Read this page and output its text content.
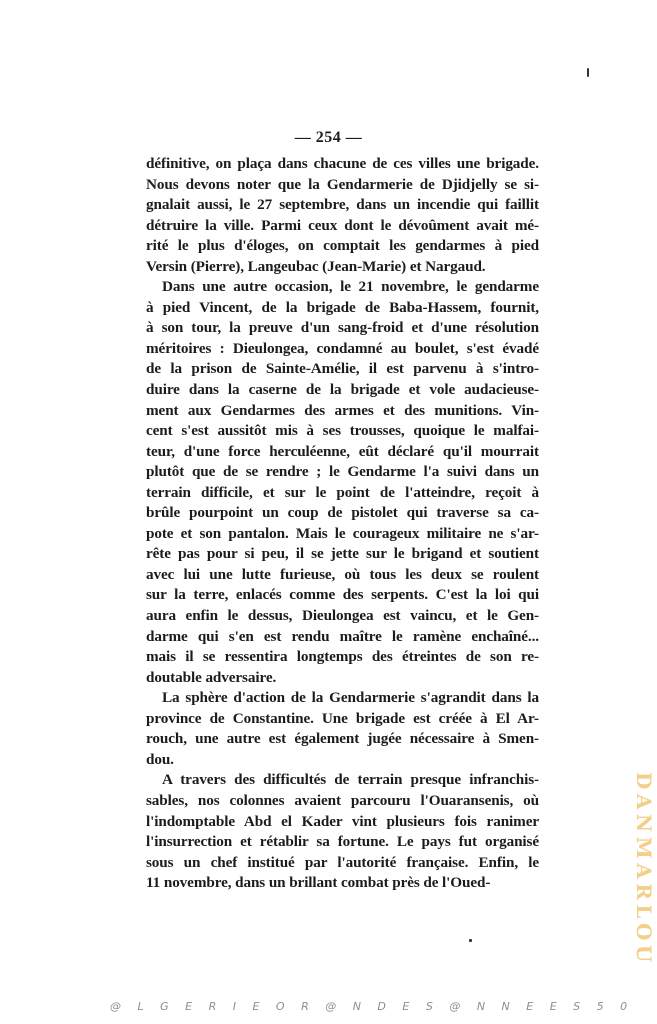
— 254 —

définitive, on plaça dans chacune de ces villes une brigade.
Nous devons noter que la Gendarmerie de Djidjelly se si-
gnalait aussi, le 27 septembre, dans un incendie qui faillit
détruire la ville. Parmi ceux dont le dévoûment avait mé-
rité le plus d'éloges, on comptait les gendarmes à pied
Versin (Pierre), Langeubac (Jean-Marie) et Nargaud.

Dans une autre occasion, le 21 novembre, le gendarme
à pied Vincent, de la brigade de Baba-Hassem, fournit,
à son tour, la preuve d'un sang-froid et d'une résolution
méritoires : Dieulongea, condamné au boulet, s'est évadé
de la prison de Sainte-Amélie, il est parvenu à s'intro-
duire dans la caserne de la brigade et vole audacieuse-
ment aux Gendarmes des armes et des munitions. Vin-
cent s'est aussitôt mis à ses trousses, quoique le malfai-
teur, d'une force herculéenne, eût déclaré qu'il mourrait
plutôt que de se rendre ; le Gendarme l'a suivi dans un
terrain difficile, et sur le point de l'atteindre, reçoit à
brûle pourpoint un coup de pistolet qui traverse sa ca-
pote et son pantalon. Mais le courageux militaire ne s'ar-
rête pas pour si peu, il se jette sur le brigand et soutient
avec lui une lutte furieuse, où tous les deux se roulent
sur la terre, enlacés comme des serpents. C'est la loi qui
aura enfin le dessus, Dieulongea est vaincu, et le Gen-
darme qui s'en est rendu maître le ramène enchaîné...
mais il se ressentira longtemps des étreintes de son re-
doutable adversaire.

La sphère d'action de la Gendarmerie s'agrandit dans la
province de Constantine. Une brigade est créée à El Ar-
rouch, une autre est également jugée nécessaire à Smen-
dou.

A travers des difficultés de terrain presque infranchis-
sables, nos colonnes avaient parcouru l'Ouaransenis, où
l'indomptable Abd el Kader vint plusieurs fois ranimer
l'insurrection et rétablir sa fortune. Le pays fut organisé
sous un chef institué par l'autorité française. Enfin, le
11 novembre, dans un brillant combat près de l'Oued-	DANMARLOU
@ L G E R I E O R @ N D E S @ N N E E S 5 0
